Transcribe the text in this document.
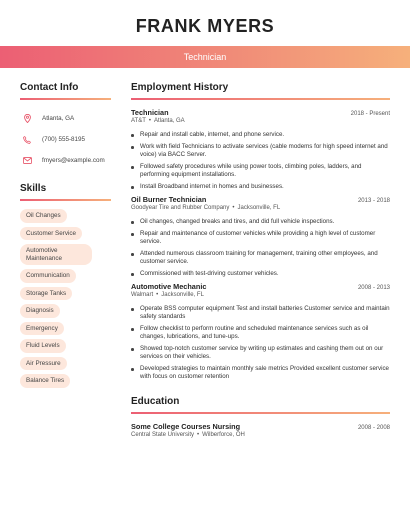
FRANK MYERS
Technician
Contact Info
Atlanta, GA
(700) 555-8195
fmyers@example.com
Skills
Oil Changes
Customer Service
Automotive Maintenance
Communication
Storage Tanks
Diagnosis
Emergency
Fluid Levels
Air Pressure
Balance Tires
Employment History
Technician	2018 - Present
AT&T • Atlanta, GA
Repair and install cable, internet, and phone service.
Work with field Technicians to activate services (cable modems for high speed internet and voice) via BACC Server.
Followed safety procedures while using power tools, climbing poles, ladders, and performing equipment installations.
Install Broadband internet in homes and businesses.
Oil Burner Technician	2013 - 2018
Goodyear Tire and Rubber Company • Jacksonville, FL
Oil changes, changed breaks and tires, and did full vehicle inspections.
Repair and maintenance of customer vehicles while providing a high level of customer service.
Attended numerous classroom training for management, training other employees, and customer service.
Commissioned with test-driving customer vehicles.
Automotive Mechanic	2008 - 2013
Walmart • Jacksonville, FL
Operate BSS computer equipment Test and install batteries Customer service and maintain safety standards
Follow checklist to perform routine and scheduled maintenance services such as oil changes, lubrications, and tune-ups.
Showed top-notch customer service by writing up estimates and cashing them out on our services on their vehicles.
Developed strategies to maintain monthly sale metrics Provided excellent customer service with focus on customer retention
Education
Some College Courses Nursing	2008 - 2008
Central State University • Wilberforce, OH
